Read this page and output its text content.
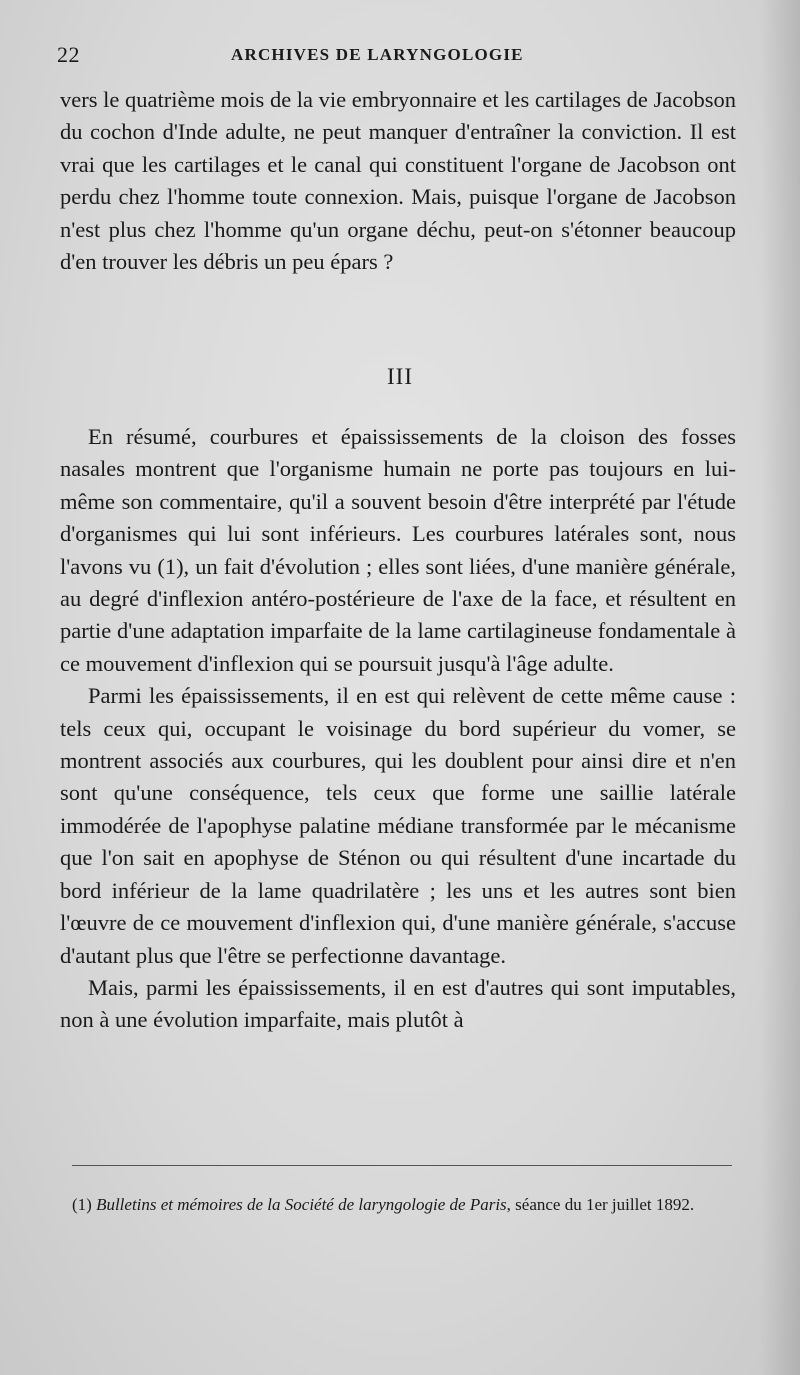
22	ARCHIVES DE LARYNGOLOGIE

vers le quatrième mois de la vie embryonnaire et les cartilages de Jacobson du cochon d'Inde adulte, ne peut manquer d'entraîner la conviction. Il est vrai que les cartilages et le canal qui constituent l'organe de Jacobson ont perdu chez l'homme toute connexion. Mais, puisque l'organe de Jacobson n'est plus chez l'homme qu'un organe déchu, peut-on s'étonner beaucoup d'en trouver les débris un peu épars ?

III

En résumé, courbures et épaississements de la cloison des fosses nasales montrent que l'organisme humain ne porte pas toujours en lui-même son commentaire, qu'il a souvent besoin d'être interprété par l'étude d'organismes qui lui sont inférieurs. Les courbures latérales sont, nous l'avons vu (1), un fait d'évolution ; elles sont liées, d'une manière générale, au degré d'inflexion antéro-postérieure de l'axe de la face, et résultent en partie d'une adaptation imparfaite de la lame cartilagineuse fondamentale à ce mouvement d'inflexion qui se poursuit jusqu'à l'âge adulte.

Parmi les épaississements, il en est qui relèvent de cette même cause : tels ceux qui, occupant le voisinage du bord supérieur du vomer, se montrent associés aux courbures, qui les doublent pour ainsi dire et n'en sont qu'une conséquence, tels ceux que forme une saillie latérale immodérée de l'apophyse palatine médiane transformée par le mécanisme que l'on sait en apophyse de Sténon ou qui résultent d'une incartade du bord inférieur de la lame quadrilatère ; les uns et les autres sont bien l'œuvre de ce mouvement d'inflexion qui, d'une manière générale, s'accuse d'autant plus que l'être se perfectionne davantage.

Mais, parmi les épaississements, il en est d'autres qui sont imputables, non à une évolution imparfaite, mais plutôt à

(1) Bulletins et mémoires de la Société de laryngologie de Paris, séance du 1er juillet 1892.
